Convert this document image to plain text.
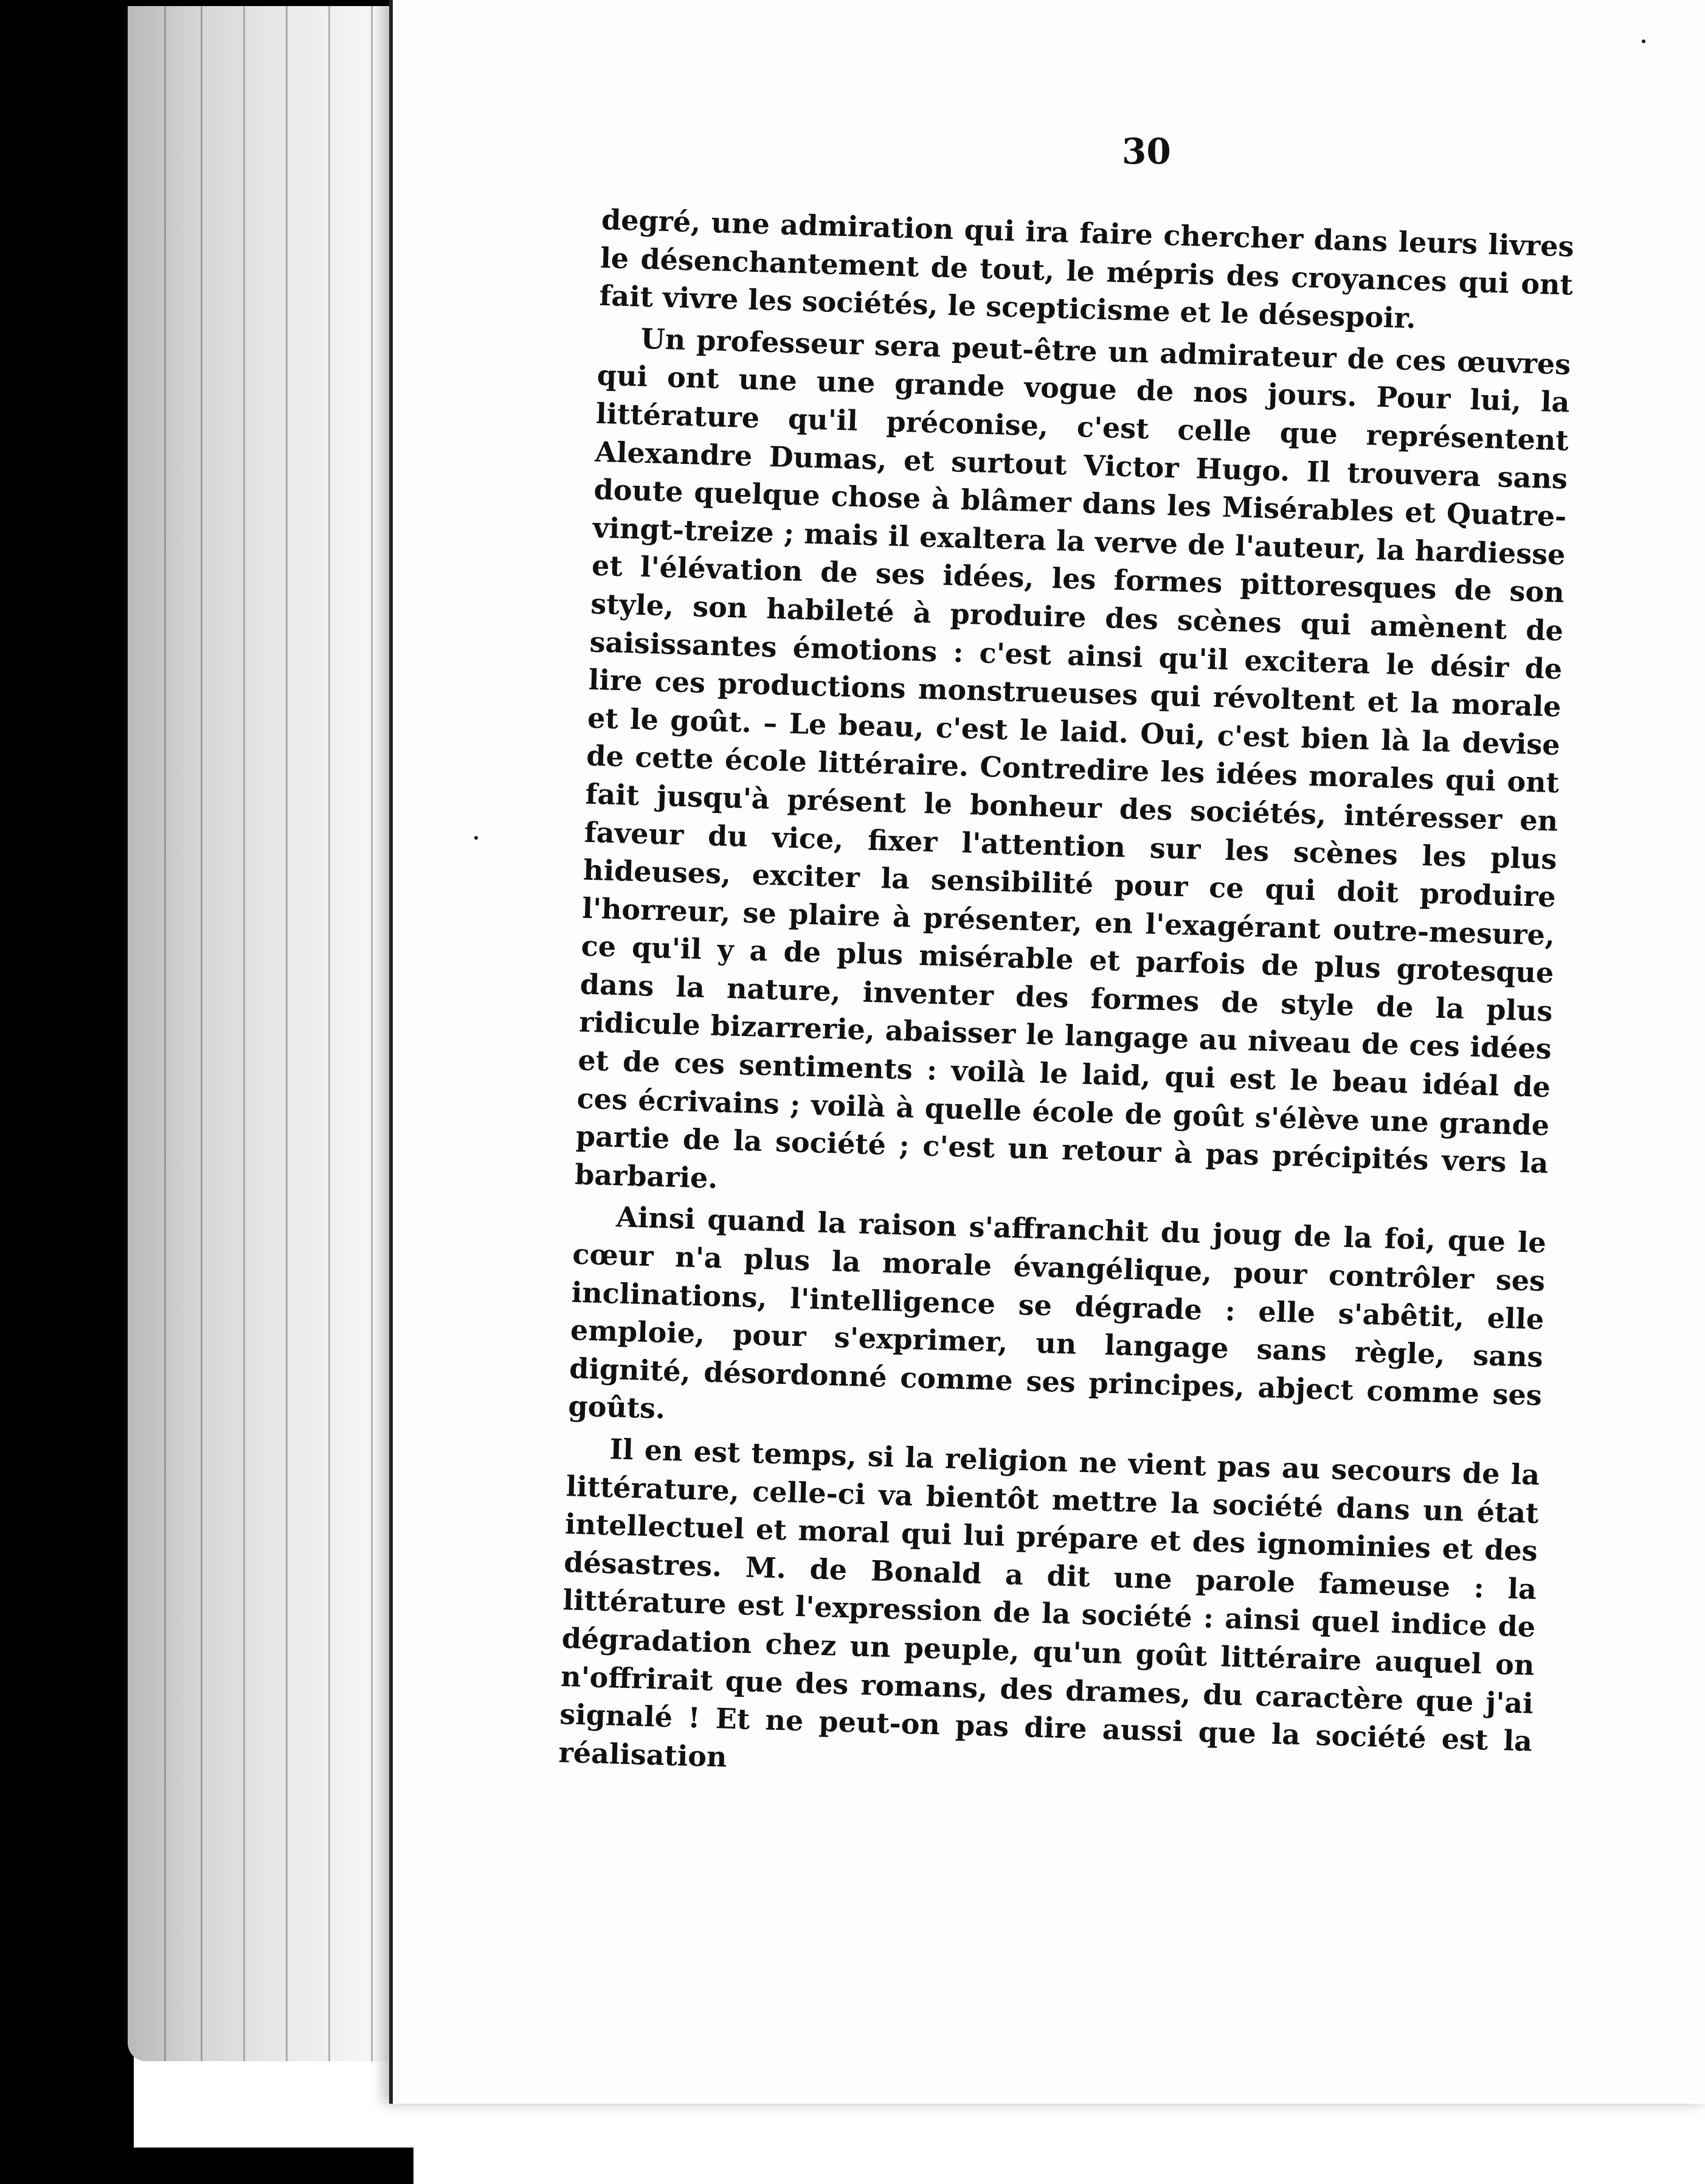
30

degré, une admiration qui ira faire chercher dans leurs livres le désenchantement de tout, le mépris des croyances qui ont fait vivre les sociétés, le scepticisme et le désespoir.

Un professeur sera peut-être un admirateur de ces œuvres qui ont une une grande vogue de nos jours. Pour lui, la littérature qu'il préconise, c'est celle que représentent Alexandre Dumas, et surtout Victor Hugo. Il trouvera sans doute quelque chose à blâmer dans les Misérables et Quatre-vingt-treize ; mais il exaltera la verve de l'auteur, la hardiesse et l'élévation de ses idées, les formes pittoresques de son style, son habileté à produire des scènes qui amènent de saisissantes émotions : c'est ainsi qu'il excitera le désir de lire ces productions monstrueuses qui révoltent et la morale et le goût. – Le beau, c'est le laid. Oui, c'est bien là la devise de cette école littéraire. Contredire les idées morales qui ont fait jusqu'à présent le bonheur des sociétés, intéresser en faveur du vice, fixer l'attention sur les scènes les plus hideuses, exciter la sensibilité pour ce qui doit produire l'horreur, se plaire à présenter, en l'exagérant outre-mesure, ce qu'il y a de plus misérable et parfois de plus grotesque dans la nature, inventer des formes de style de la plus ridicule bizarrerie, abaisser le langage au niveau de ces idées et de ces sentiments : voilà le laid, qui est le beau idéal de ces écrivains ; voilà à quelle école de goût s'élève une grande partie de la société ; c'est un retour à pas précipités vers la barbarie.

Ainsi quand la raison s'affranchit du joug de la foi, que le cœur n'a plus la morale évangélique, pour contrôler ses inclinations, l'intelligence se dégrade : elle s'abêtit, elle emploie, pour s'exprimer, un langage sans règle, sans dignité, désordonné comme ses principes, abject comme ses goûts.

Il en est temps, si la religion ne vient pas au secours de la littérature, celle-ci va bientôt mettre la société dans un état intellectuel et moral qui lui prépare et des ignominies et des désastres. M. de Bonald a dit une parole fameuse : la littérature est l'expression de la société : ainsi quel indice de dégradation chez un peuple, qu'un goût littéraire auquel on n'offrirait que des romans, des drames, du caractère que j'ai signalé ! Et ne peut-on pas dire aussi que la société est la réalisation
